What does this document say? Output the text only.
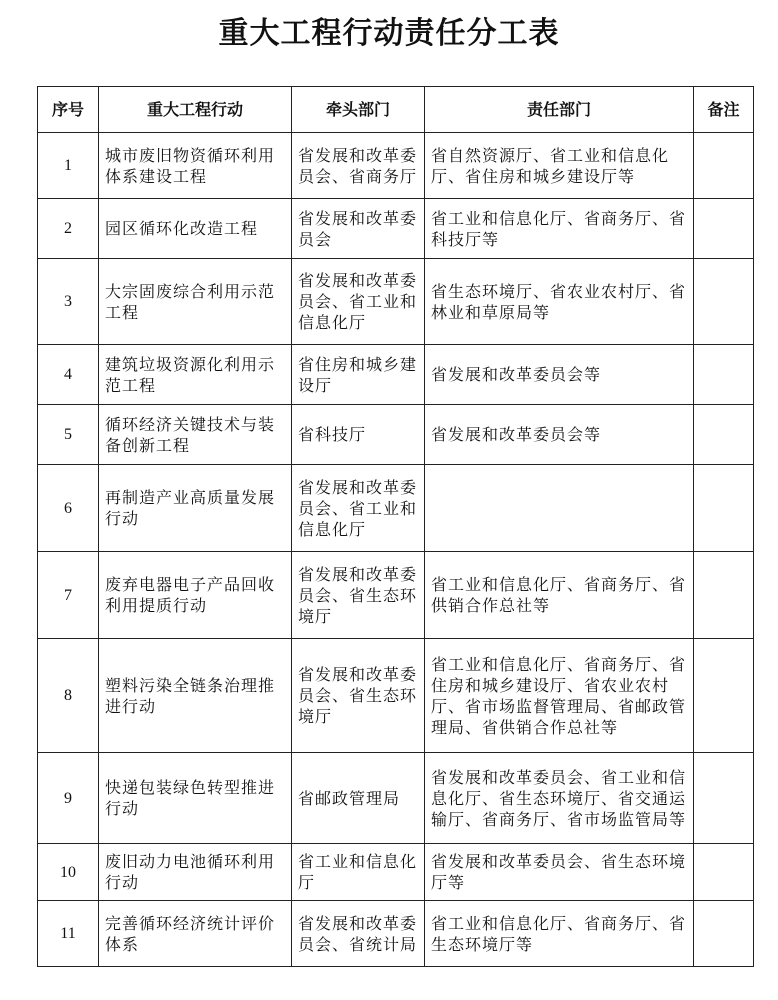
重大工程行动责任分工表
序号	重大工程行动	牵头部门	责任部门	备注
1	城市废旧物资循环利用体系建设工程	省发展和改革委员会、省商务厅	省自然资源厅、省工业和信息化厅、省住房和城乡建设厅等	
2	园区循环化改造工程	省发展和改革委员会	省工业和信息化厅、省商务厅、省科技厅等	
3	大宗固废综合利用示范工程	省发展和改革委员会、省工业和信息化厅	省生态环境厅、省农业农村厅、省林业和草原局等	
4	建筑垃圾资源化利用示范工程	省住房和城乡建设厅	省发展和改革委员会等	
5	循环经济关键技术与装备创新工程	省科技厅	省发展和改革委员会等	
6	再制造产业高质量发展行动	省发展和改革委员会、省工业和信息化厅		
7	废弃电器电子产品回收利用提质行动	省发展和改革委员会、省生态环境厅	省工业和信息化厅、省商务厅、省供销合作总社等	
8	塑料污染全链条治理推进行动	省发展和改革委员会、省生态环境厅	省工业和信息化厅、省商务厅、省住房和城乡建设厅、省农业农村厅、省市场监督管理局、省邮政管理局、省供销合作总社等	
9	快递包装绿色转型推进行动	省邮政管理局	省发展和改革委员会、省工业和信息化厅、省生态环境厅、省交通运输厅、省商务厅、省市场监管局等	
10	废旧动力电池循环利用行动	省工业和信息化厅	省发展和改革委员会、省生态环境厅等	
11	完善循环经济统计评价体系	省发展和改革委员会、省统计局	省工业和信息化厅、省商务厅、省生态环境厅等	
